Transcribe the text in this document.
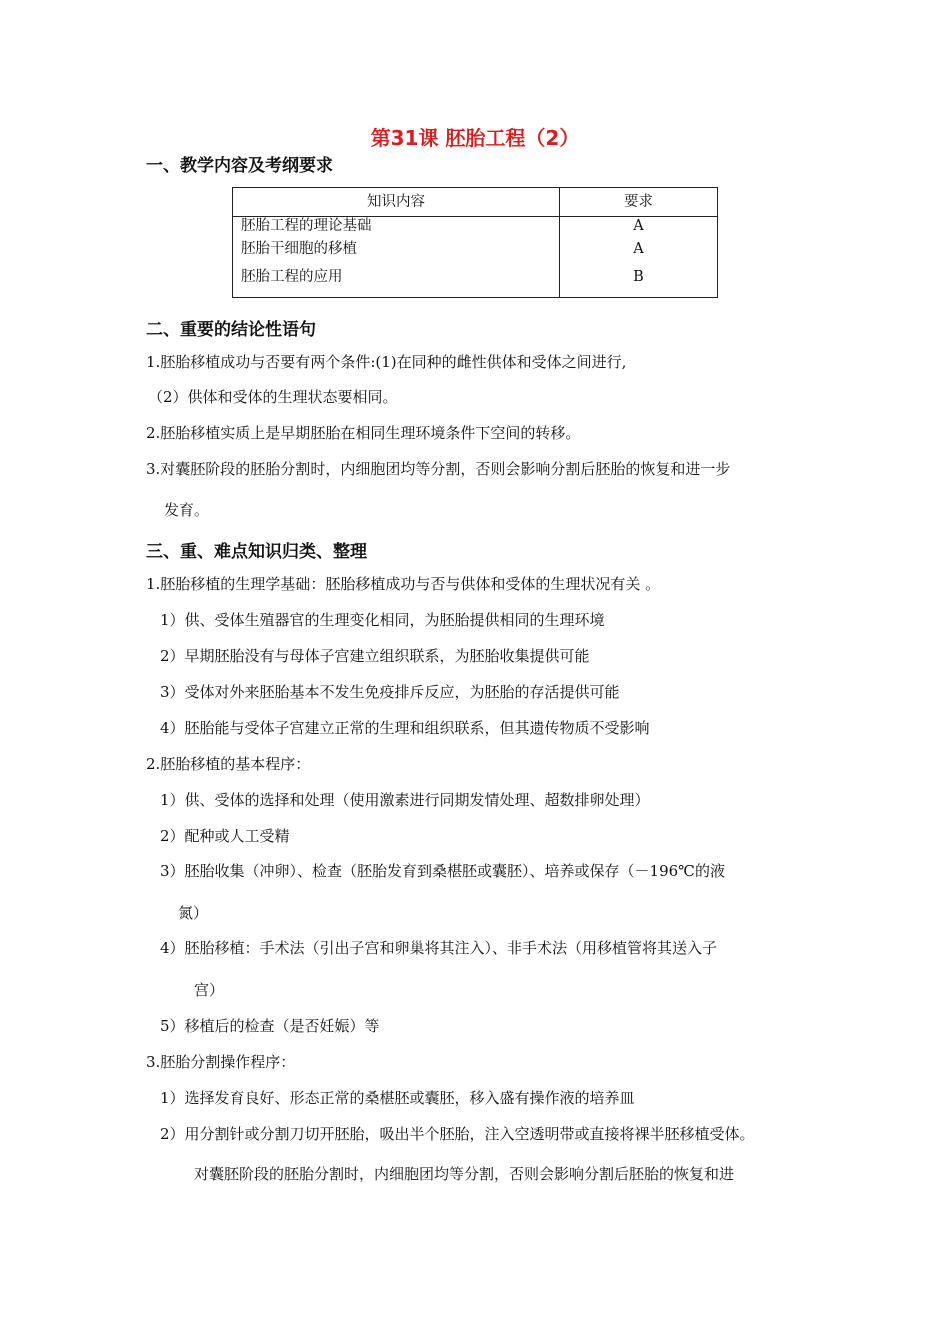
第31课 胚胎工程（2）
一、教学内容及考纲要求
知识内容	要求
胚胎工程的理论基础	A
胚胎干细胞的移植	A
胚胎工程的应用	B
二、重要的结论性语句
1.胚胎移植成功与否要有两个条件:(1)在同种的雌性供体和受体之间进行,
（2）供体和受体的生理状态要相同。
2.胚胎移植实质上是早期胚胎在相同生理环境条件下空间的转移。
3.对囊胚阶段的胚胎分割时，内细胞团均等分割，否则会影响分割后胚胎的恢复和进一步
发育。
三、重、难点知识归类、整理
1.胚胎移植的生理学基础：胚胎移植成功与否与供体和受体的生理状况有关 。
1）供、受体生殖器官的生理变化相同，为胚胎提供相同的生理环境
2）早期胚胎没有与母体子宫建立组织联系，为胚胎收集提供可能
3）受体对外来胚胎基本不发生免疫排斥反应，为胚胎的存活提供可能
4）胚胎能与受体子宫建立正常的生理和组织联系，但其遗传物质不受影响
2.胚胎移植的基本程序：
1）供、受体的选择和处理（使用激素进行同期发情处理、超数排卵处理）
2）配种或人工受精
3）胚胎收集（冲卵）、检查（胚胎发育到桑椹胚或囊胚）、培养或保存（－196℃的液
氮）
4）胚胎移植：手术法（引出子宫和卵巢将其注入）、非手术法（用移植管将其送入子
宫）
5）移植后的检查（是否妊娠）等
3.胚胎分割操作程序：
1）选择发育良好、形态正常的桑椹胚或囊胚，移入盛有操作液的培养皿
2）用分割针或分割刀切开胚胎，吸出半个胚胎，注入空透明带或直接将裸半胚移植受体。
对囊胚阶段的胚胎分割时，内细胞团均等分割，否则会影响分割后胚胎的恢复和进
